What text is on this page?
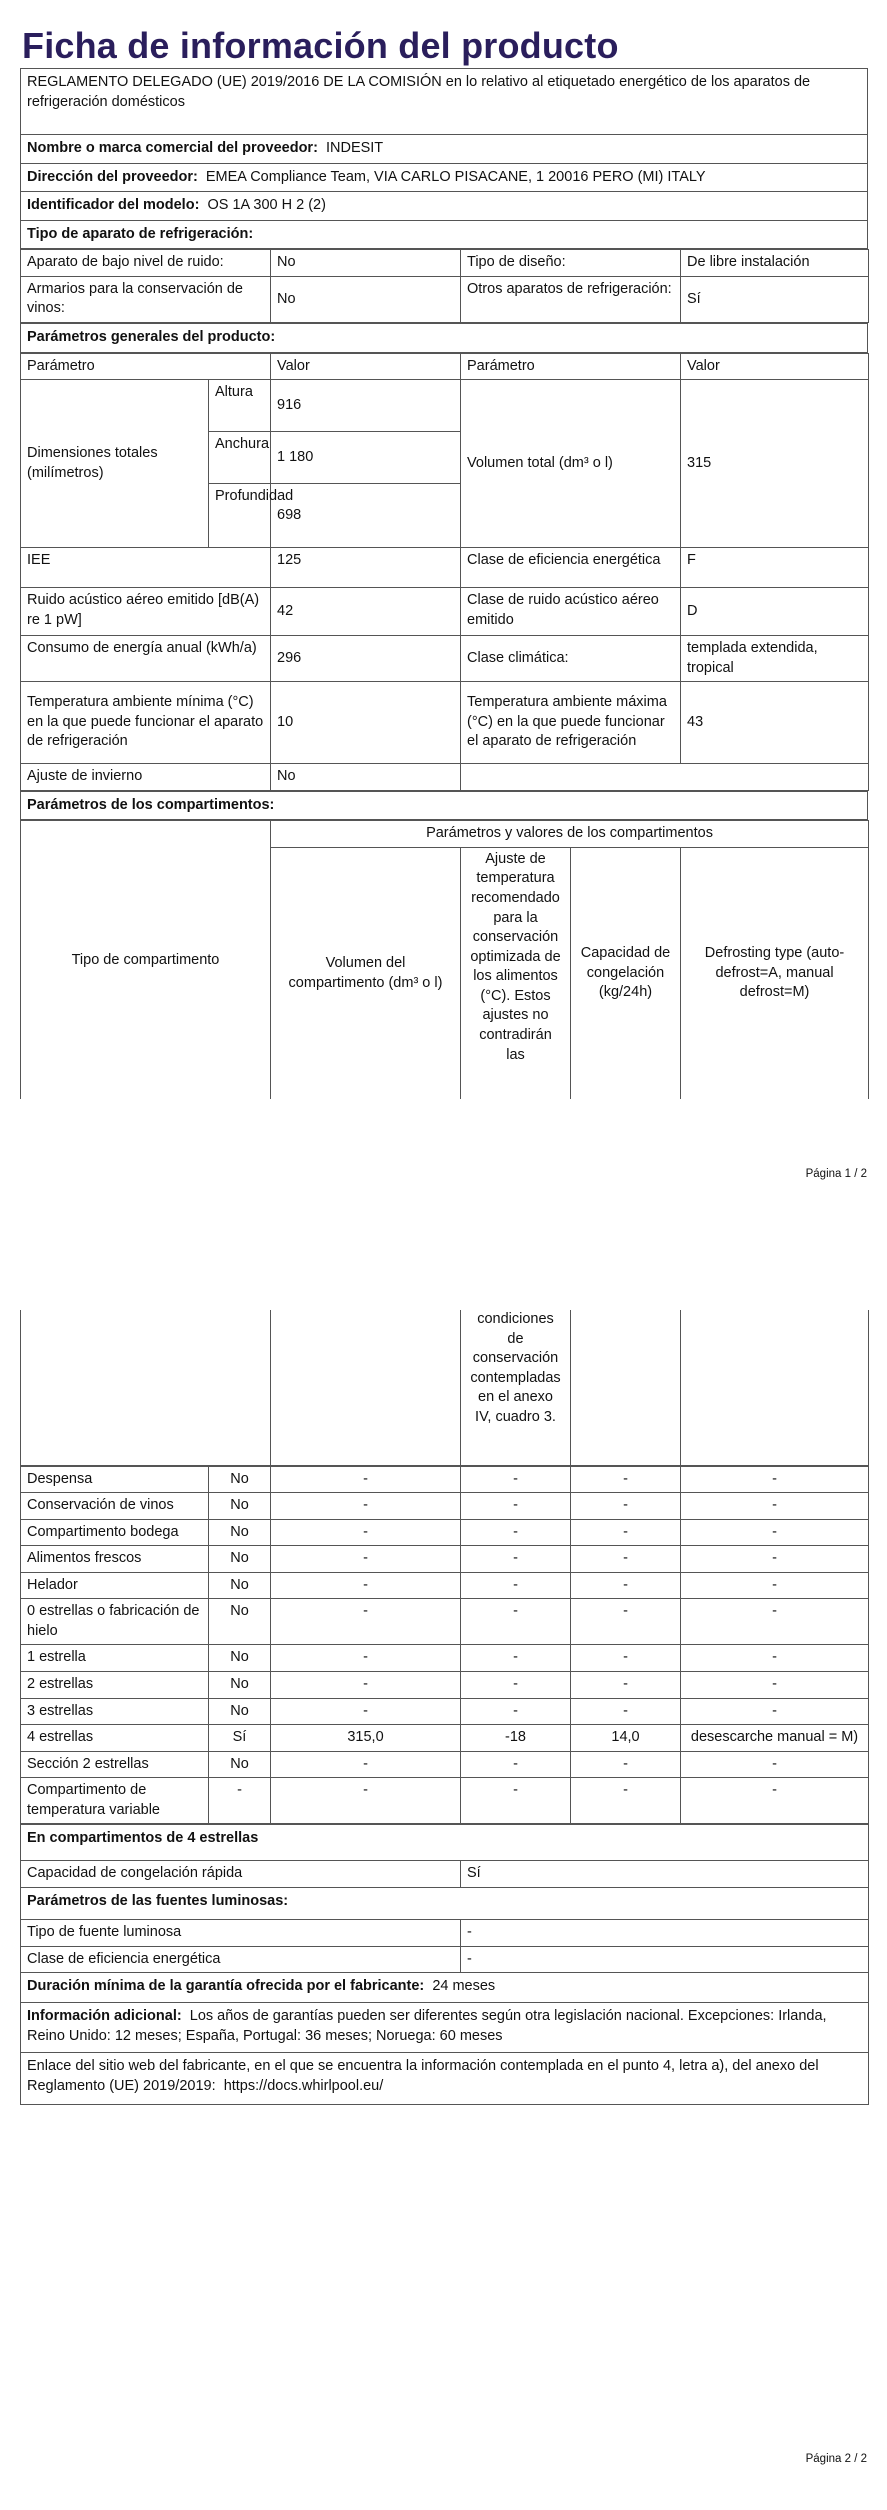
Ficha de información del producto
REGLAMENTO DELEGADO (UE) 2019/2016 DE LA COMISIÓN en lo relativo al etiquetado energético de los aparatos de refrigeración domésticos
Nombre o marca comercial del proveedor: INDESIT
Dirección del proveedor: EMEA Compliance Team, VIA CARLO PISACANE, 1 20016 PERO (MI) ITALY
Identificador del modelo: OS 1A 300 H 2 (2)
Tipo de aparato de refrigeración:
Aparato de bajo nivel de ruido:	No	Tipo de diseño:	De libre instalación
Armarios para la conservación de vinos:	No	Otros aparatos de refrigeración:	Sí
Parámetros generales del producto:
Parámetro		Valor	Parámetro	Valor
Dimensiones totales (milímetros)	Altura	916	Volumen total (dm³ o l)	315
	Anchura	1 180		
	Profundidad	698		
IEE		125	Clase de eficiencia energética	F
Ruido acústico aéreo emitido [dB(A) re 1 pW]		42	Clase de ruido acústico aéreo emitido	D
Consumo de energía anual (kWh/a)		296	Clase climática:	templada extendida, tropical
Temperatura ambiente mínima (°C) en la que puede funcionar el aparato de refrigeración		10	Temperatura ambiente máxima (°C) en la que puede funcionar el aparato de refrigeración	43
Ajuste de invierno		No		
Parámetros de los compartimentos:
Tipo de compartimento	Parámetros y valores de los compartimentos			
	Volumen del compartimento (dm³ o l)	Ajuste de temperatura recomendado para la conservación optimizada de los alimentos (°C). Estos ajustes no contradirán las	Capacidad de congelación (kg/24h)	Defrosting type (auto-defrost=A, manual defrost=M)
Página 1 / 2
		condiciones de conservación contempladas en el anexo IV, cuadro 3.		
Despensa	No	-	-	-	-
Conservación de vinos	No	-	-	-	-
Compartimento bodega	No	-	-	-	-
Alimentos frescos	No	-	-	-	-
Helador	No	-	-	-	-
0 estrellas o fabricación de hielo	No	-	-	-	-
1 estrella	No	-	-	-	-
2 estrellas	No	-	-	-	-
3 estrellas	No	-	-	-	-
4 estrellas	Sí	315,0	-18	14,0	desescarche manual = M)
Sección 2 estrellas	No	-	-	-	-
Compartimento de temperatura variable	-	-	-	-	-
En compartimentos de 4 estrellas	
Capacidad de congelación rápida	Sí
Parámetros de las fuentes luminosas:	
Tipo de fuente luminosa	-
Clase de eficiencia energética	-
Duración mínima de la garantía ofrecida por el fabricante: 24 meses	
Información adicional: Los años de garantías pueden ser diferentes según otra legislación nacional. Excepciones: Irlanda, Reino Unido: 12 meses; España, Portugal: 36 meses; Noruega: 60 meses	
Enlace del sitio web del fabricante, en el que se encuentra la información contemplada en el punto 4, letra a), del anexo del Reglamento (UE) 2019/2019: https://docs.whirlpool.eu/	
Página 2 / 2
